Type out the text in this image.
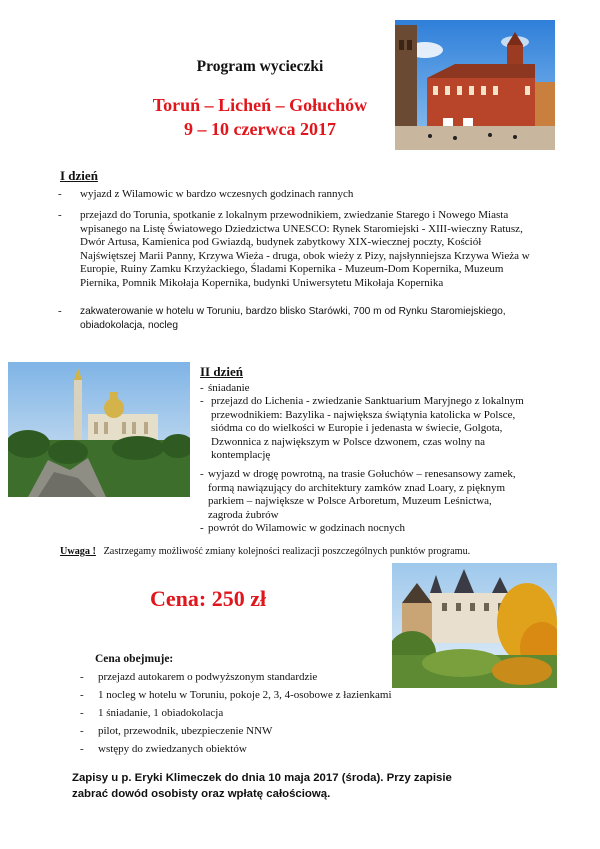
Program wycieczki
Toruń – Licheń – Gołuchów
9 – 10 czerwca 2017
I dzień
- wyjazd z Wilamowic w bardzo wczesnych godzinach rannych
- przejazd do Torunia, spotkanie z lokalnym przewodnikiem, zwiedzanie Starego i Nowego Miasta wpisanego na Listę Światowego Dziedzictwa UNESCO: Rynek Staromiejski - XIII-wieczny Ratusz, Dwór Artusa, Kamienica pod Gwiazdą, budynek zabytkowy XIX-wiecznej poczty, Kościół Najświętszej Marii Panny, Krzywa Wieża - druga, obok wieży z Pizy, najsłynniejsza Krzywa Wieża w Europie, Ruiny Zamku Krzyżackiego, Śladami Kopernika - Muzeum-Dom Kopernika, Muzeum Piernika, Pomnik Mikołaja Kopernika, budynki Uniwersytetu Mikołaja Kopernika
- zakwaterowanie w hotelu w Toruniu, bardzo blisko Starówki, 700 m od Rynku Staromiejskiego, obiadokolacja, nocleg
II dzień
- śniadanie
- przejazd do Lichenia - zwiedzanie Sanktuarium Maryjnego z lokalnym przewodnikiem: Bazylika - największa świątynia katolicka w Polsce, siódma co do wielkości w Europie i jedenasta w świecie, Golgota, Dzwonnica z największym w Polsce dzwonem, czas wolny na kontemplację
- wyjazd w drogę powrotną, na trasie Gołuchów – renesansowy zamek, formą nawiązujący do architektury zamków znad Loary, z pięknym parkiem – największe w Polsce Arboretum, Muzeum Leśnictwa, zagroda żubrów
- powrót do Wilamowic w godzinach nocnych
Uwaga ! Zastrzegamy możliwość zmiany kolejności realizacji poszczególnych punktów programu.
Cena: 250 zł
Cena obejmuje:
- przejazd autokarem o podwyższonym standardzie
- 1 nocleg w hotelu w Toruniu, pokoje 2, 3, 4-osobowe z łazienkami
- 1 śniadanie, 1 obiadokolacja
- pilot, przewodnik, ubezpieczenie NNW
- wstępy do zwiedzanych obiektów
Zapisy u p. Eryki Klimeczek do dnia 10 maja 2017 (środa). Przy zapisie
zabrać dowód osobisty oraz wpłatę całościową.
